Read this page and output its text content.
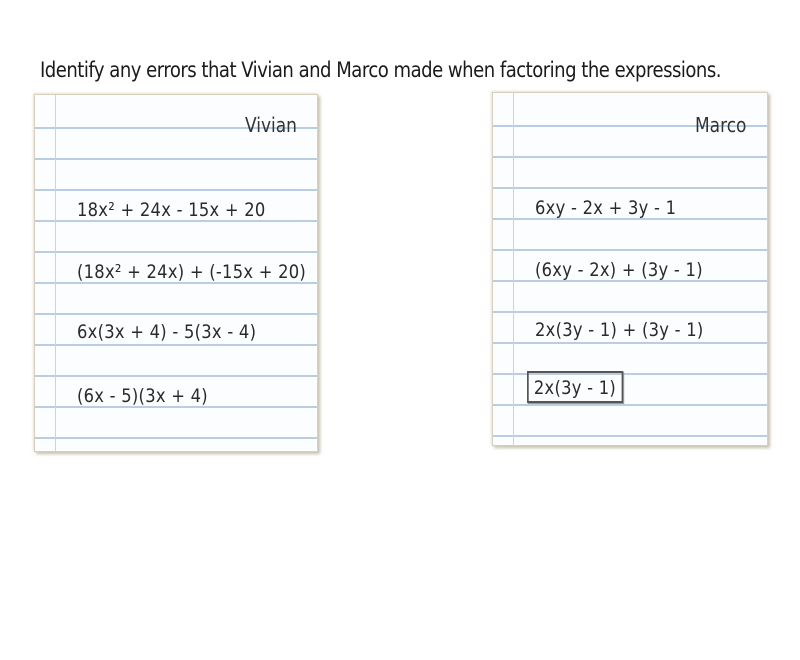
Identify any errors that Vivian and Marco made when factoring the expressions.
Vivian
18x² + 24x - 15x + 20
(18x² + 24x) + (-15x + 20)
6x(3x + 4) - 5(3x - 4)
(6x - 5)(3x + 4)
Marco
6xy - 2x + 3y - 1
(6xy - 2x) + (3y - 1)
2x(3y - 1) + (3y - 1)
2x(3y - 1)
